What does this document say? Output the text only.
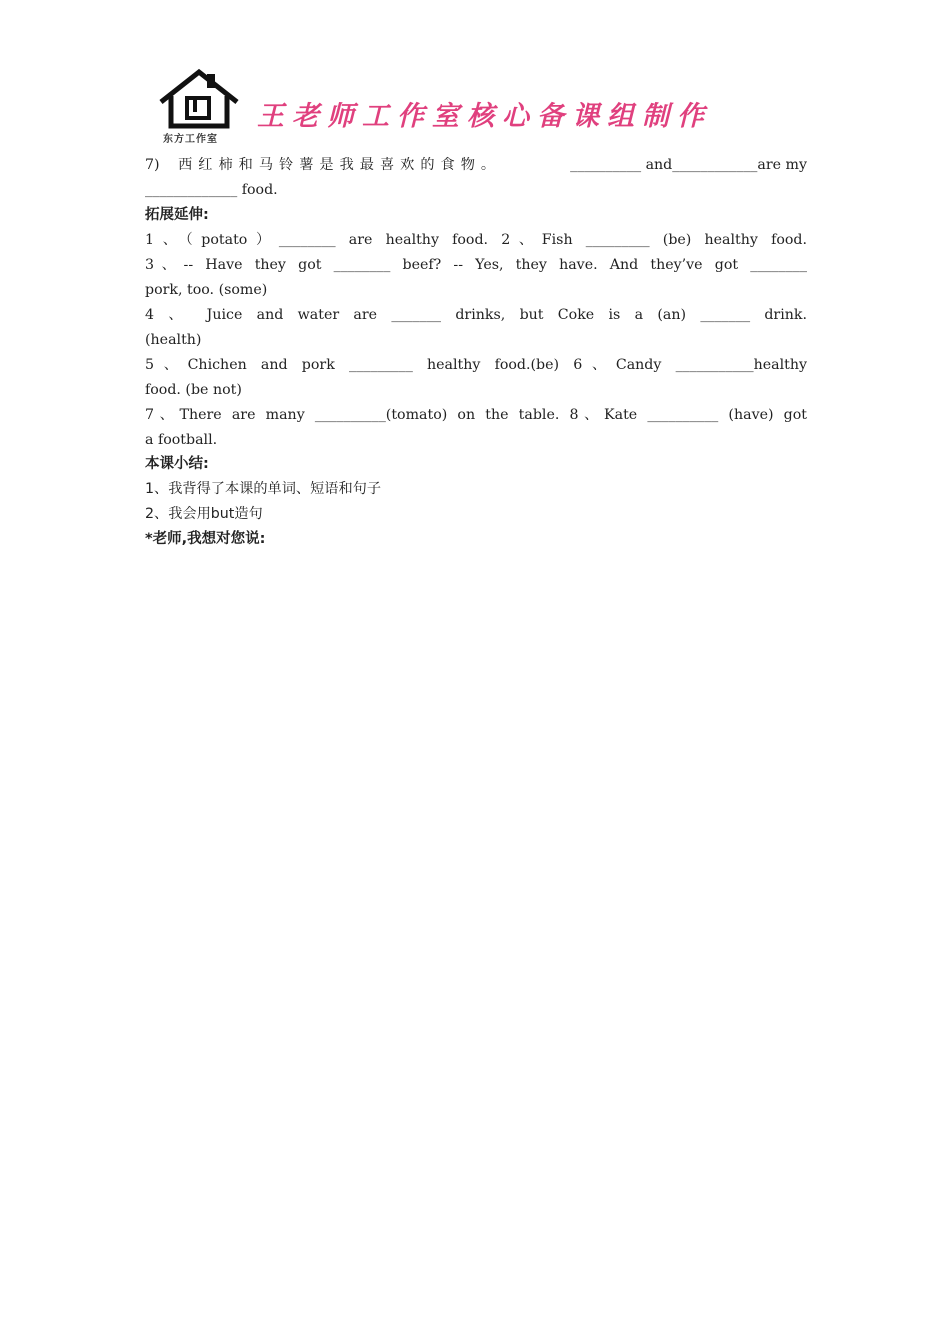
东方工作室
王老师工作室核心备课组制作
7) 西红柿和马铃薯是我最喜欢的食物。	__________ and____________are my
_____________ food.
拓展延伸:
1、（potato）________ are healthy food. 2、Fish _________ (be) healthy food.
3、-- Have they got ________ beef? -- Yes, they have. And they’ve got ________
pork, too. (some)
4 、 Juice and water are _______ drinks, but Coke is a (an) _______ drink.
(health)
5、Chichen and pork _________ healthy food.(be) 6、Candy ___________healthy
food. (be not)
7、There are many __________(tomato) on the table. 8、Kate __________ (have) got
a football.
本课小结:
1、我背得了本课的单词、短语和句子
2、我会用but造句
*老师,我想对您说:
